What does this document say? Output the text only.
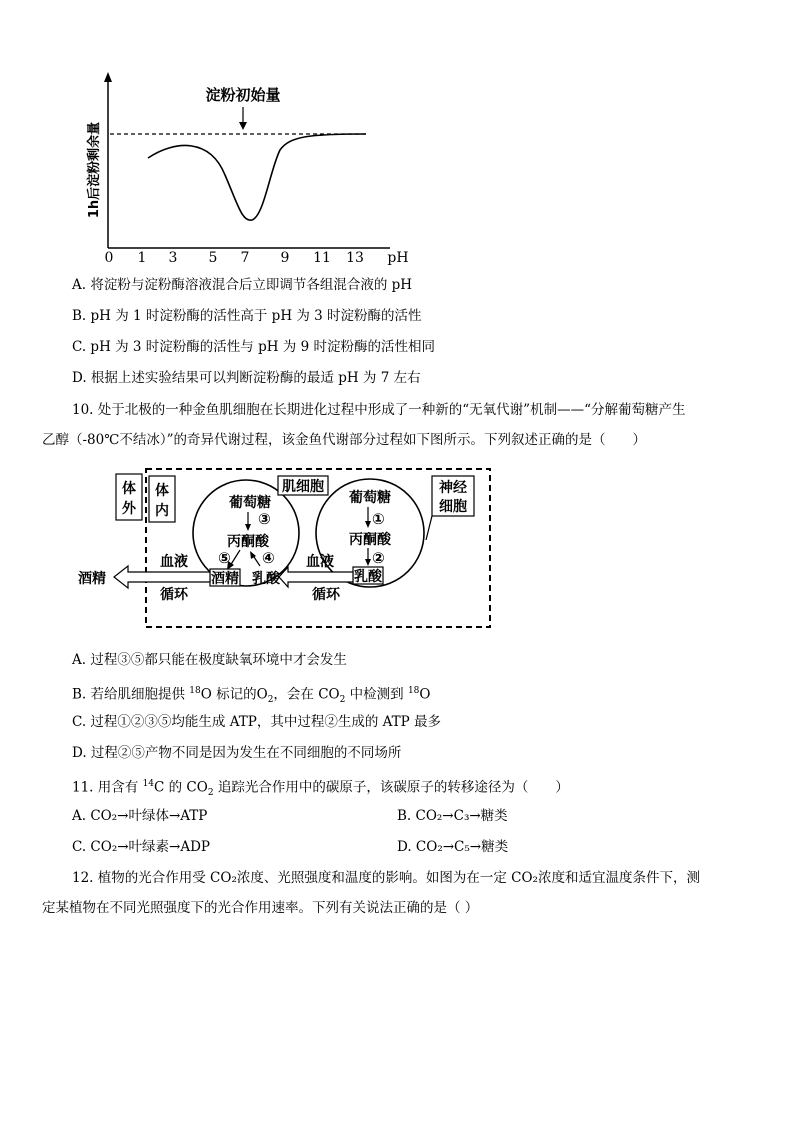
淀粉初始量
1h后淀粉剩余量
0 1 3 5 7 9 11 13 pH
A. 将淀粉与淀粉酶溶液混合后立即调节各组混合液的 pH
B. pH 为 1 时淀粉酶的活性高于 pH 为 3 时淀粉酶的活性
C. pH 为 3 时淀粉酶的活性与 pH 为 9 时淀粉酶的活性相同
D. 根据上述实验结果可以判断淀粉酶的最适 pH 为 7 左右
10. 处于北极的一种金鱼肌细胞在长期进化过程中形成了一种新的“无氧代谢”机制——“分解葡萄糖产生
乙醇（-80℃不结冰）”的奇异代谢过程，该金鱼代谢部分过程如下图所示。下列叙述正确的是（　　）
体
外
体
内
肌细胞	神经
细胞
葡萄糖
③
丙酮酸
⑤ ④
酒精 乳酸
葡萄糖
①
丙酮酸
②
乳酸
血液
循环
血液
循环
酒精
A. 过程③⑤都只能在极度缺氧环境中才会发生
B. 若给肌细胞提供 $^{18}$O 标记的$O_2$，会在 $CO_2$ 中检测到 $^{18}$O
C. 过程①②③⑤均能生成 ATP，其中过程②生成的 ATP 最多
D. 过程②⑤产物不同是因为发生在不同细胞的不同场所
11. 用含有 $^{14}$C 的 $CO_2$ 追踪光合作用中的碳原子，该碳原子的转移途径为（　　）
A. CO₂→叶绿体→ATP	B. CO₂→C₃→糖类
C. CO₂→叶绿素→ADP	D. CO₂→C₅→糖类
12. 植物的光合作用受 CO₂浓度、光照强度和温度的影响。如图为在一定 CO₂浓度和适宜温度条件下，测
定某植物在不同光照强度下的光合作用速率。下列有关说法正确的是（ ）
